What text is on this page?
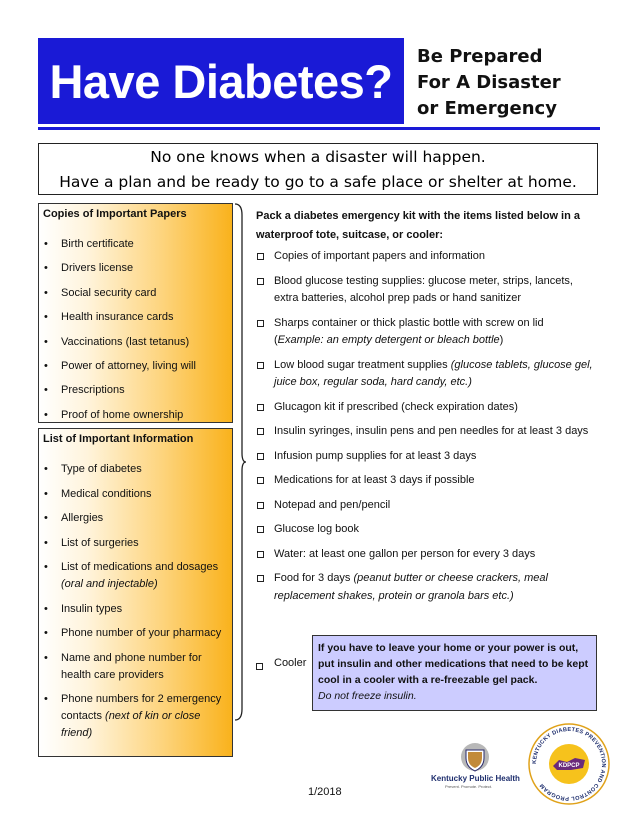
Have Diabetes? Be Prepared
For A Disaster
or Emergency
No one knows when a disaster will happen.
Have a plan and be ready to go to a safe place or shelter at home.
Copies of Important Papers
• Birth certificate
• Drivers license
• Social security card
• Health insurance cards
• Vaccinations (last tetanus)
• Power of attorney, living will
• Prescriptions
• Proof of home ownership
List of Important Information
• Type of diabetes
• Medical conditions
• Allergies
• List of surgeries
• List of medications and dosages
(oral and injectable)
• Insulin types
• Phone number of your pharmacy
• Name and phone number for health care providers
• Phone numbers for 2 emergency contacts (next of kin or close friend)
Pack a diabetes emergency kit with the items listed below in a waterproof tote, suitcase, or cooler:
Copies of important papers and information
Blood glucose testing supplies: glucose meter, strips, lancets, extra batteries, alcohol prep pads or hand sanitizer
Sharps container or thick plastic bottle with screw on lid
(Example: an empty detergent or bleach bottle)
Low blood sugar treatment supplies (glucose tablets, glucose gel, juice box, regular soda, hard candy, etc.)
Glucagon kit if prescribed (check expiration dates)
Insulin syringes, insulin pens and pen needles for at least 3 days
Infusion pump supplies for at least 3 days
Medications for at least 3 days if possible
Notepad and pen/pencil
Glucose log book
Water: at least one gallon per person for every 3 days
Food for 3 days (peanut butter or cheese crackers, meal replacement shakes, protein or granola bars etc.)
Cooler
If you have to leave your home or your power is out, put insulin and other medications that need to be kept cool in a cooler with a re-freezable gel pack.
Do not freeze insulin.
Kentucky Public Health
Prevent. Promote. Protect.
KENTUCKY DIABETES PREVENTION AND CONTROL PROGRAM
KDPCP
1/2018
